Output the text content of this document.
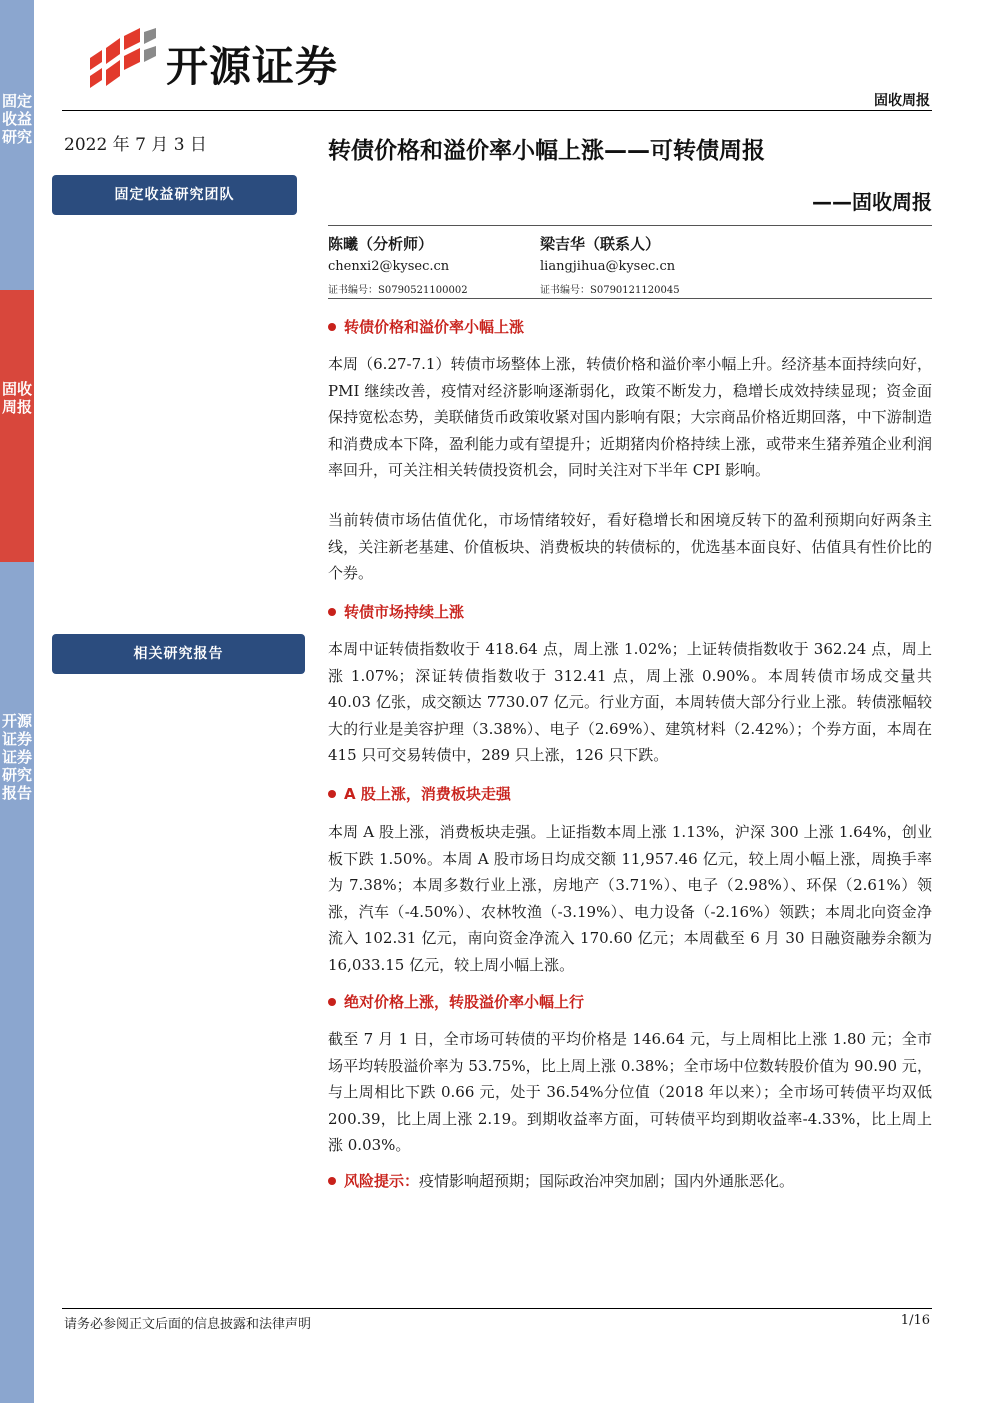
固定收益研究
固收周报
开源证券证券研究报告
开源证券
固收周报
2022 年 7 月 3 日
固定收益研究团队
相关研究报告
转债价格和溢价率小幅上涨——可转债周报
——固收周报
陈曦（分析师）
chenxi2@kysec.cn
证书编号：S0790521100002
梁吉华（联系人）
liangjihua@kysec.cn
证书编号：S0790121120045
转债价格和溢价率小幅上涨
本周（6.27-7.1）转债市场整体上涨，转债价格和溢价率小幅上升。经济基本面持续向好，PMI 继续改善，疫情对经济影响逐渐弱化，政策不断发力，稳增长成效持续显现；资金面保持宽松态势，美联储货币政策收紧对国内影响有限；大宗商品价格近期回落，中下游制造和消费成本下降，盈利能力或有望提升；近期猪肉价格持续上涨，或带来生猪养殖企业利润率回升，可关注相关转债投资机会，同时关注对下半年 CPI 影响。
当前转债市场估值优化，市场情绪较好，看好稳增长和困境反转下的盈利预期向好两条主线，关注新老基建、价值板块、消费板块的转债标的，优选基本面良好、估值具有性价比的个券。
转债市场持续上涨
本周中证转债指数收于 418.64 点，周上涨 1.02%；上证转债指数收于 362.24 点，周上涨 1.07%；深证转债指数收于 312.41 点，周上涨 0.90%。本周转债市场成交量共 40.03 亿张，成交额达 7730.07 亿元。行业方面，本周转债大部分行业上涨。转债涨幅较大的行业是美容护理（3.38%）、电子（2.69%）、建筑材料（2.42%）；个券方面，本周在 415 只可交易转债中，289 只上涨，126 只下跌。
A 股上涨，消费板块走强
本周 A 股上涨，消费板块走强。上证指数本周上涨 1.13%，沪深 300 上涨 1.64%，创业板下跌 1.50%。本周 A 股市场日均成交额 11,957.46 亿元，较上周小幅上涨，周换手率为 7.38%；本周多数行业上涨，房地产（3.71%）、电子（2.98%）、环保（2.61%）领涨，汽车（-4.50%）、农林牧渔（-3.19%）、电力设备（-2.16%）领跌；本周北向资金净流入 102.31 亿元，南向资金净流入 170.60 亿元；本周截至 6 月 30 日融资融券余额为 16,033.15 亿元，较上周小幅上涨。
绝对价格上涨，转股溢价率小幅上行
截至 7 月 1 日，全市场可转债的平均价格是 146.64 元，与上周相比上涨 1.80 元；全市场平均转股溢价率为 53.75%，比上周上涨 0.38%；全市场中位数转股价值为 90.90 元，与上周相比下跌 0.66 元，处于 36.54%分位值（2018 年以来）；全市场可转债平均双低 200.39，比上周上涨 2.19。到期收益率方面，可转债平均到期收益率-4.33%，比上周上涨 0.03%。
风险提示：疫情影响超预期；国际政治冲突加剧；国内外通胀恶化。
请务必参阅正文后面的信息披露和法律声明	1/16
